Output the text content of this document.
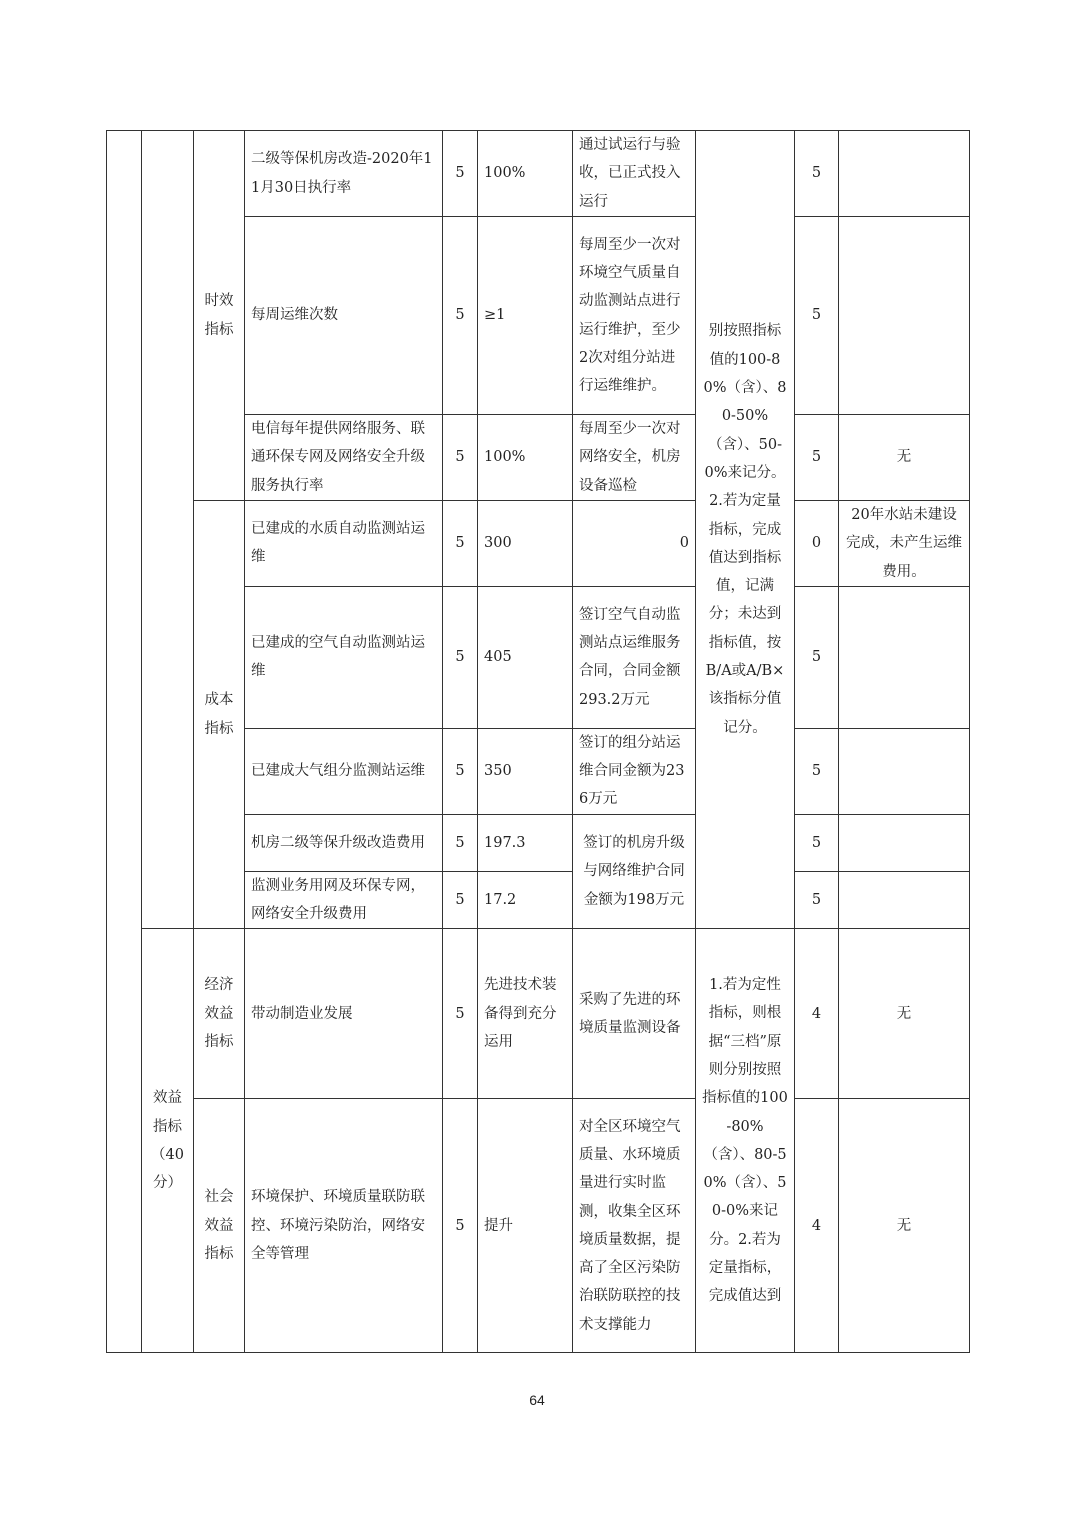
		时效指标	二级等保机房改造-2020年11月30日执行率	5	100%	通过试运行与验收，已正式投入运行	别按照指标值的100-80%（含）、80-50%（含）、50-0%来记分。2.若为定量指标，完成值达到指标值，记满分；未达到指标值，按B/A或A/B×该指标分值记分。	5	
			每周运维次数	5	≥1	每周至少一次对环境空气质量自动监测站点进行运行维护，至少2次对组分站进行运维维护。		5	
			电信每年提供网络服务、联通环保专网及网络安全升级服务执行率	5	100%	每周至少一次对网络安全，机房设备巡检		5	无
		成本指标	已建成的水质自动监测站运维	5	300	0		0	20年水站未建设完成，未产生运维费用。
			已建成的空气自动监测站运维	5	405	签订空气自动监测站点运维服务合同，合同金额293.2万元		5	
			已建成大气组分监测站运维	5	350	签订的组分站运维合同金额为236万元		5	
			机房二级等保升级改造费用	5	197.3	签订的机房升级与网络维护合同金额为198万元		5	
			监测业务用网及环保专网，网络安全升级费用	5	17.2			5	
	效益指标（40分）	经济效益指标	带动制造业发展	5	先进技术装备得到充分运用	采购了先进的环境质量监测设备	1.若为定性指标，则根据“三档”原则分别按照指标值的100-80%（含）、80-50%（含）、50-0%来记分。2.若为定量指标，完成值达到	4	无
		社会效益指标	环境保护、环境质量联防联控、环境污染防治，网络安全等管理	5	提升	对全区环境空气质量、水环境质量进行实时监测，收集全区环境质量数据，提高了全区污染防治联防联控的技术支撑能力		4	无
64
